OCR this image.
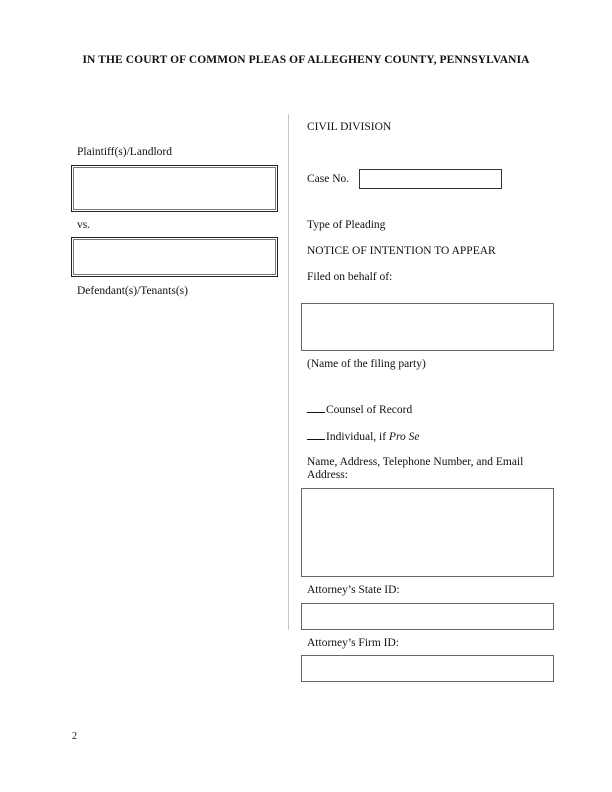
IN THE COURT OF COMMON PLEAS OF ALLEGHENY COUNTY, PENNSYLVANIA
Plaintiff(s)/Landlord
vs.
Defendant(s)/Tenants(s)
CIVIL DIVISION
Case No.
Type of Pleading
NOTICE OF INTENTION TO APPEAR
Filed on behalf of:
(Name of the filing party)
Counsel of Record
Individual, if Pro Se
Name, Address, Telephone Number, and Email
Address:
Attorney’s State ID:
Attorney’s Firm ID:
2
